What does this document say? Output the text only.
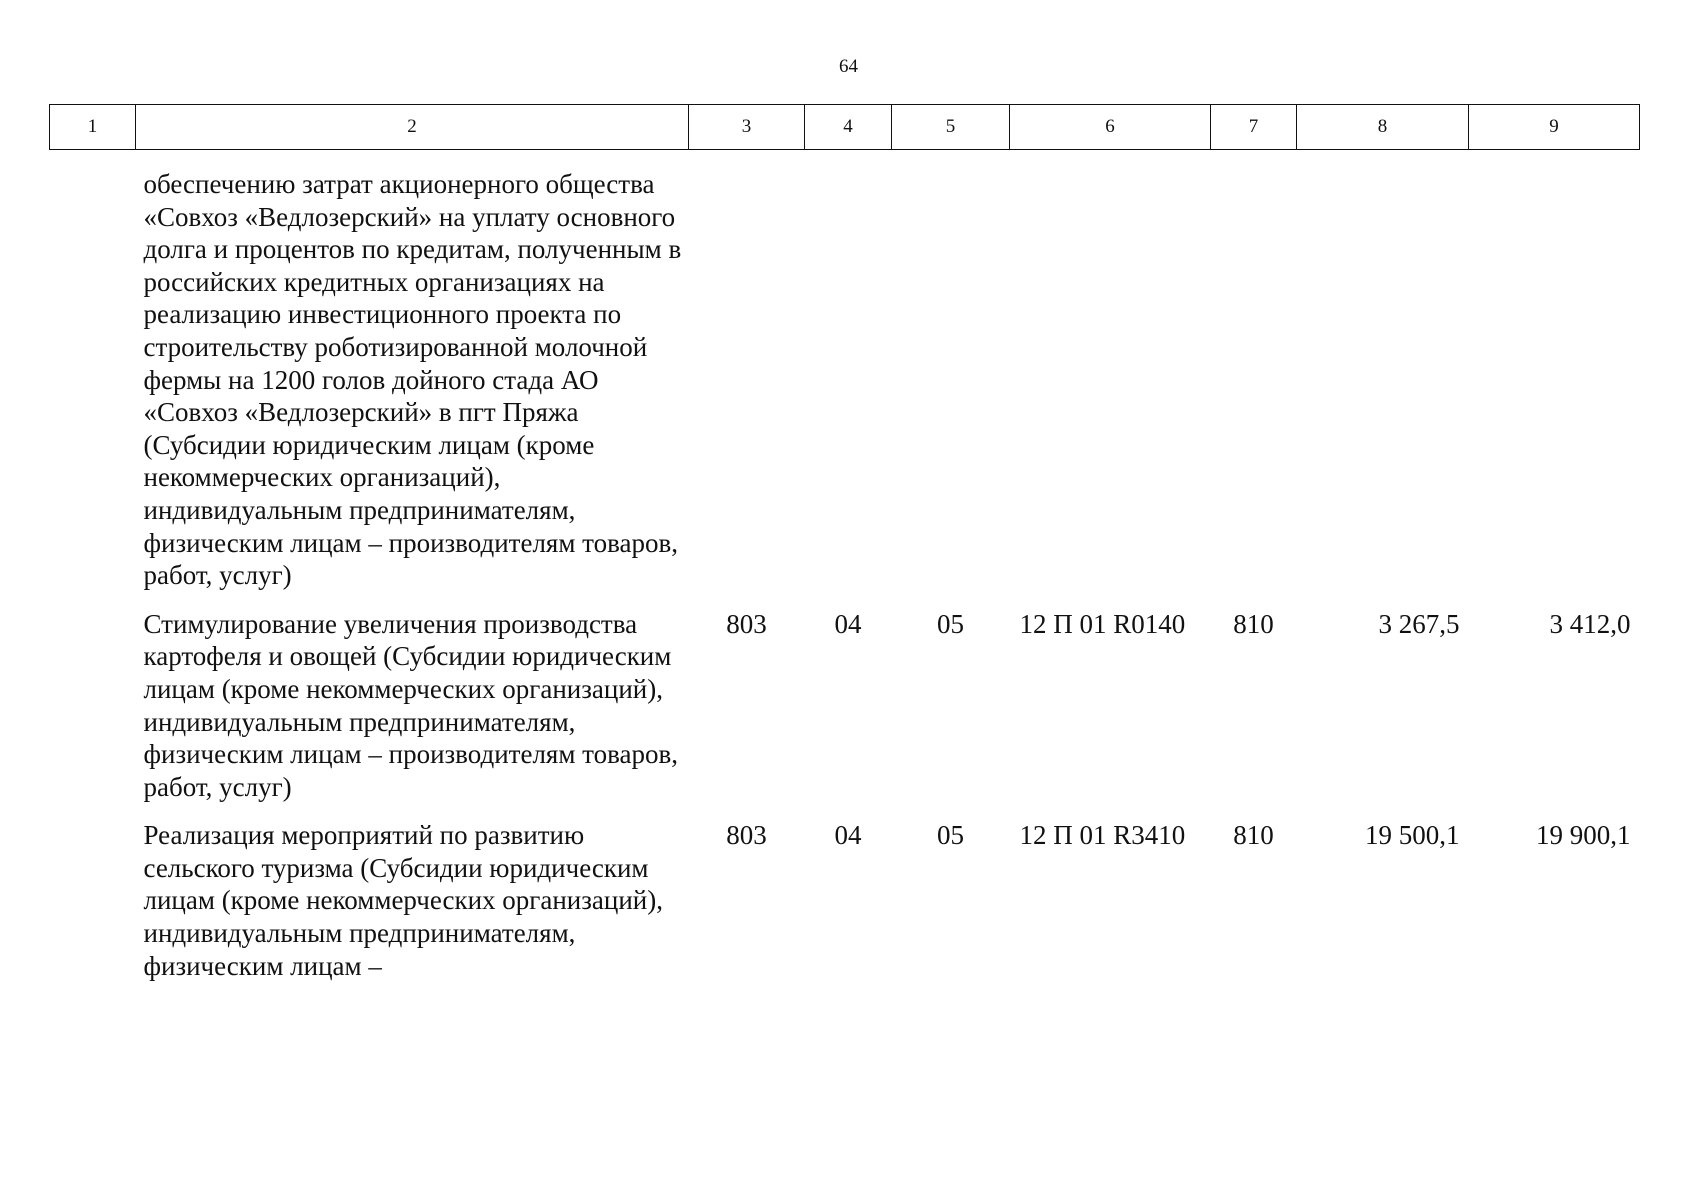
64
1	2	3	4	5	6	7	8	9
	обеспечению затрат акционерного общества «Совхоз «Ведлозерский» на уплату основного долга и процентов по кредитам, полученным в российских кредитных организациях на реализацию инвестиционного проекта по строительству роботизированной молочной фермы на 1200 голов дойного стада АО «Совхоз «Ведлозерский» в пгт Пряжа (Субсидии юридическим лицам (кроме некоммерческих организаций), индивидуальным предпринимателям, физическим лицам – производителям товаров, работ, услуг)							
	Стимулирование увеличения производства картофеля и овощей (Субсидии юридическим лицам (кроме некоммерческих организаций), индивидуальным предпринимателям, физическим лицам – производителям товаров, работ, услуг)	803	04	05	12 П 01 R0140	810	3 267,5	3 412,0
	Реализация мероприятий по развитию сельского туризма (Субсидии юридическим лицам (кроме некоммерческих организаций), индивидуальным предпринимателям, физическим лицам –	803	04	05	12 П 01 R3410	810	19 500,1	19 900,1
